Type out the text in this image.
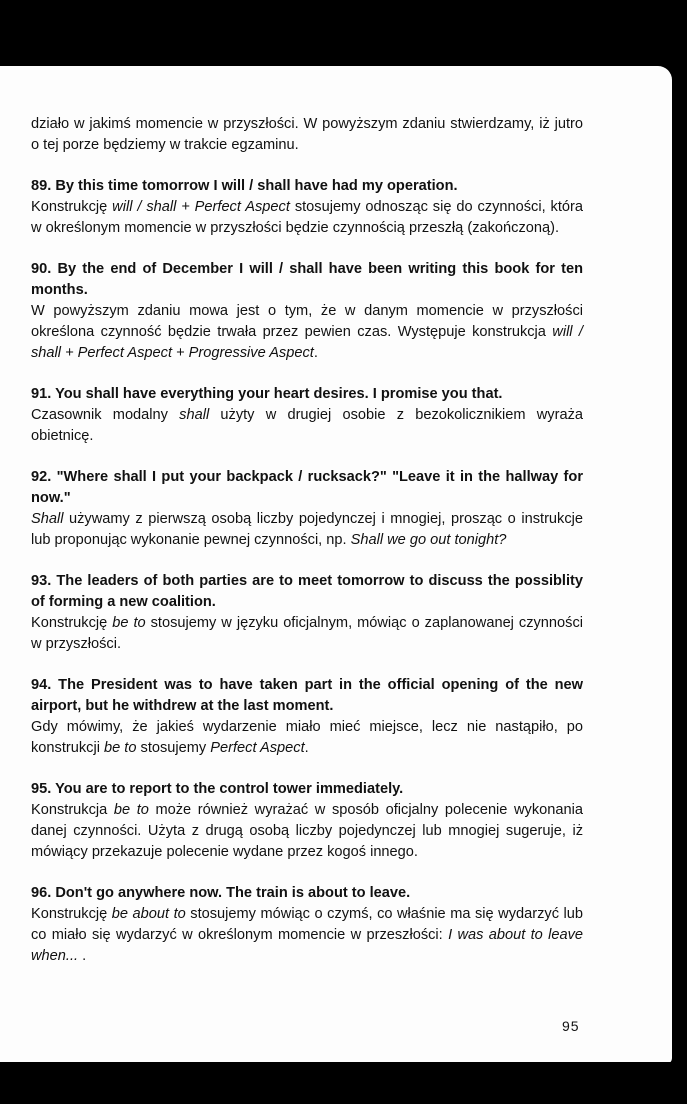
działo w jakimś momencie w przyszłości. W powyższym zdaniu stwierdzamy, iż jutro o tej porze będziemy w trakcie egzaminu.

89. By this time tomorrow I will / shall have had my operation.

Konstrukcję will / shall + Perfect Aspect stosujemy odnosząc się do czynności, która w określonym momencie w przyszłości będzie czynnością przeszłą (zakończoną).

90. By the end of December I will / shall have been writing this book for ten months.

W powyższym zdaniu mowa jest o tym, że w danym momencie w przyszłości określona czynność będzie trwała przez pewien czas. Występuje konstrukcja will / shall + Perfect Aspect + Progressive Aspect.

91. You shall have everything your heart desires. I promise you that.

Czasownik modalny shall użyty w drugiej osobie z bezokolicznikiem wyraża obietnicę.

92. "Where shall I put your backpack / rucksack?" "Leave it in the hallway for now."

Shall używamy z pierwszą osobą liczby pojedynczej i mnogiej, prosząc o instrukcje lub proponując wykonanie pewnej czynności, np. Shall we go out tonight?

93. The leaders of both parties are to meet tomorrow to discuss the possiblity of forming a new coalition.

Konstrukcję be to stosujemy w języku oficjalnym, mówiąc o zaplanowanej czynności w przyszłości.

94. The President was to have taken part in the official opening of the new airport, but he withdrew at the last moment.

Gdy mówimy, że jakieś wydarzenie miało mieć miejsce, lecz nie nastąpiło, po konstrukcji be to stosujemy Perfect Aspect.

95. You are to report to the control tower immediately.

Konstrukcja be to może również wyrażać w sposób oficjalny polecenie wykonania danej czynności. Użyta z drugą osobą liczby pojedynczej lub mnogiej sugeruje, iż mówiący przekazuje polecenie wydane przez kogoś innego.

96. Don't go anywhere now. The train is about to leave.

Konstrukcję be about to stosujemy mówiąc o czymś, co właśnie ma się wydarzyć lub co miało się wydarzyć w określonym momencie w przeszłości: I was about to leave when... .

95
